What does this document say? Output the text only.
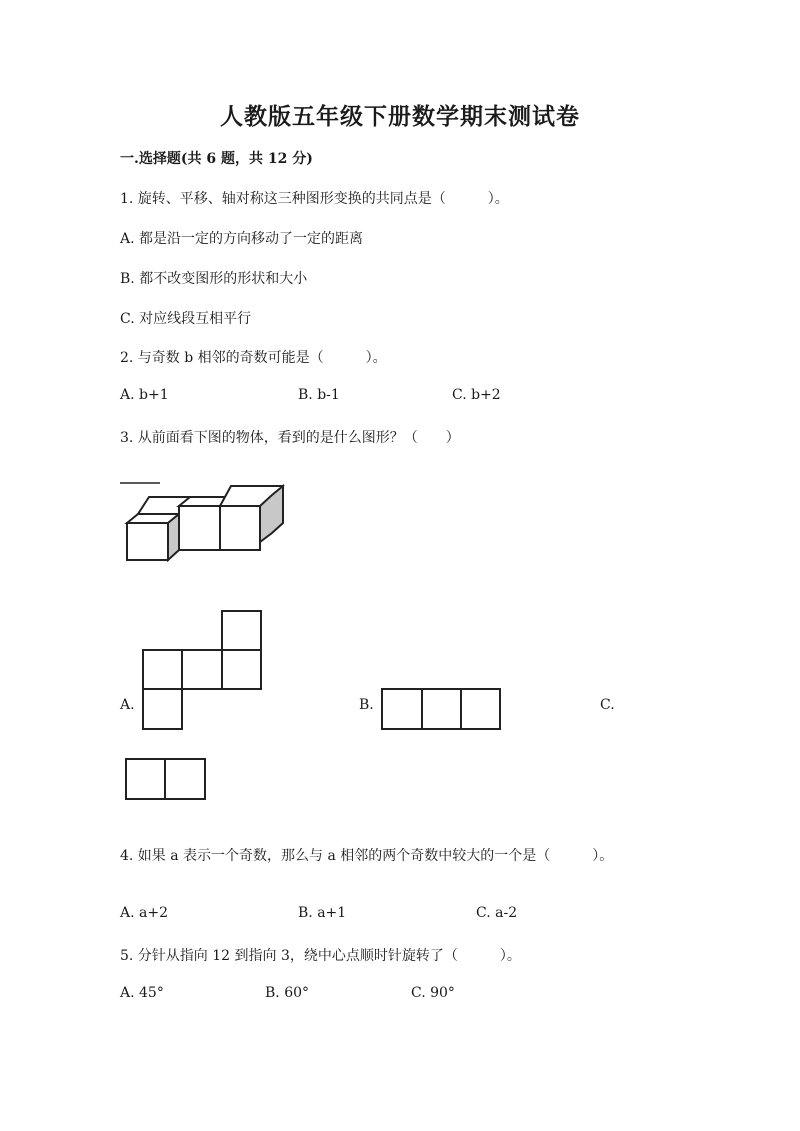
人教版五年级下册数学期末测试卷
一.选择题(共 6 题，共 12 分)
1. 旋转、平移、轴对称这三种图形变换的共同点是（　　　）。
A. 都是沿一定的方向移动了一定的距离
B. 都不改变图形的形状和大小
C. 对应线段互相平行
2. 与奇数 b 相邻的奇数可能是（　　　）。
A. b+1	B. b-1	C. b+2
3. 从前面看下图的物体，看到的是什么图形？（　　）
A.	B.	C.
4. 如果 a 表示一个奇数，那么与 a 相邻的两个奇数中较大的一个是（　　　）。
A. a+2	B. a+1	C. a-2
5. 分针从指向 12 到指向 3，绕中心点顺时针旋转了（　　　）。
A. 45°	B. 60°	C. 90°
